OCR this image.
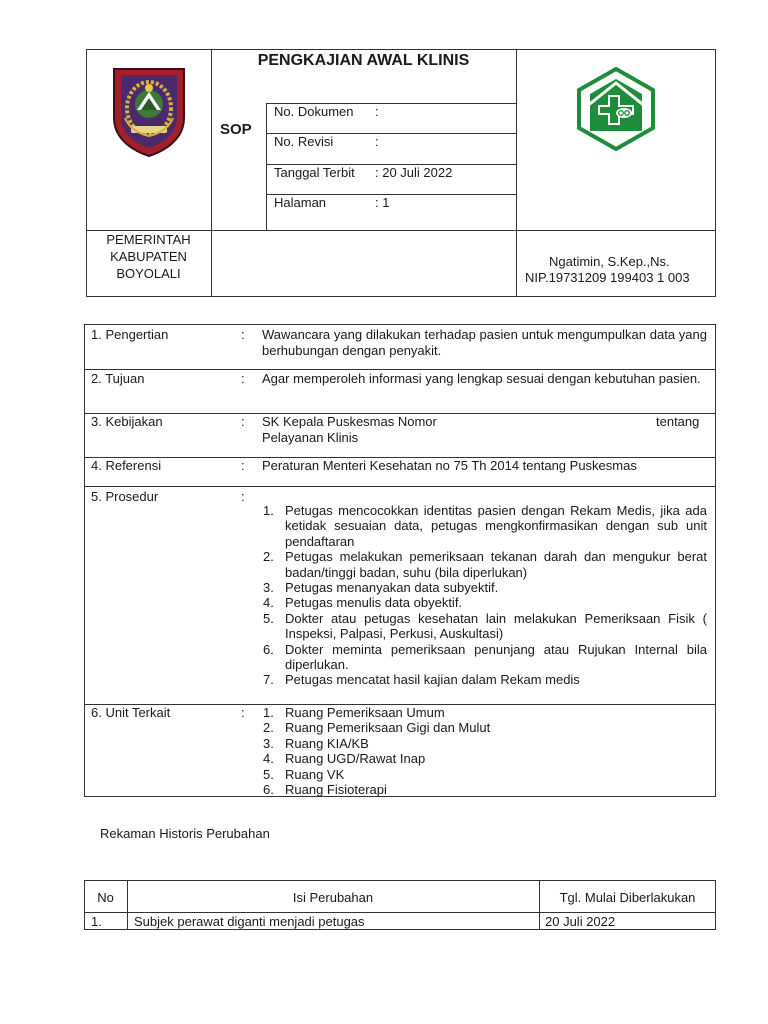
PENGKAJIAN AWAL KLINIS
SOP
No. Dokumen :
No. Revisi	:
Tanggal Terbit : 20 Juli 2022
Halaman	: 1
PEMERINTAH
KABUPATEN
BOYOLALI
Ngatimin, S.Kep.,Ns.
NIP.19731209 199403 1 003
1. Pengertian	: Wawancara yang dilakukan terhadap pasien untuk mengumpulkan data yang berhubungan dengan penyakit.
2. Tujuan	: Agar memperoleh informasi yang lengkap sesuai dengan kebutuhan pasien.
3. Kebijakan	: SK Kepala Puskesmas Nomor	tentang
Pelayanan Klinis
4. Referensi	: Peraturan Menteri Kesehatan no 75 Th 2014 tentang Puskesmas
5. Prosedur	:
1. Petugas mencocokkan identitas pasien dengan Rekam Medis, jika ada ketidak sesuaian data, petugas mengkonfirmasikan dengan sub unit pendaftaran
2. Petugas melakukan pemeriksaan tekanan darah dan mengukur berat badan/tinggi badan, suhu (bila diperlukan)
3. Petugas menanyakan data subyektif.
4. Petugas menulis data obyektif.
5. Dokter atau petugas kesehatan lain melakukan Pemeriksaan Fisik ( Inspeksi, Palpasi, Perkusi, Auskultasi)
6. Dokter meminta pemeriksaan penunjang atau Rujukan Internal bila diperlukan.
7. Petugas mencatat hasil kajian dalam Rekam medis
6. Unit Terkait	: 1. Ruang Pemeriksaan Umum
2. Ruang Pemeriksaan Gigi dan Mulut
3. Ruang KIA/KB
4. Ruang UGD/Rawat Inap
5. Ruang VK
6. Ruang Fisioterapi
Rekaman Historis Perubahan
No	Isi Perubahan	Tgl. Mulai Diberlakukan
1. Subjek perawat diganti menjadi petugas	20 Juli 2022
